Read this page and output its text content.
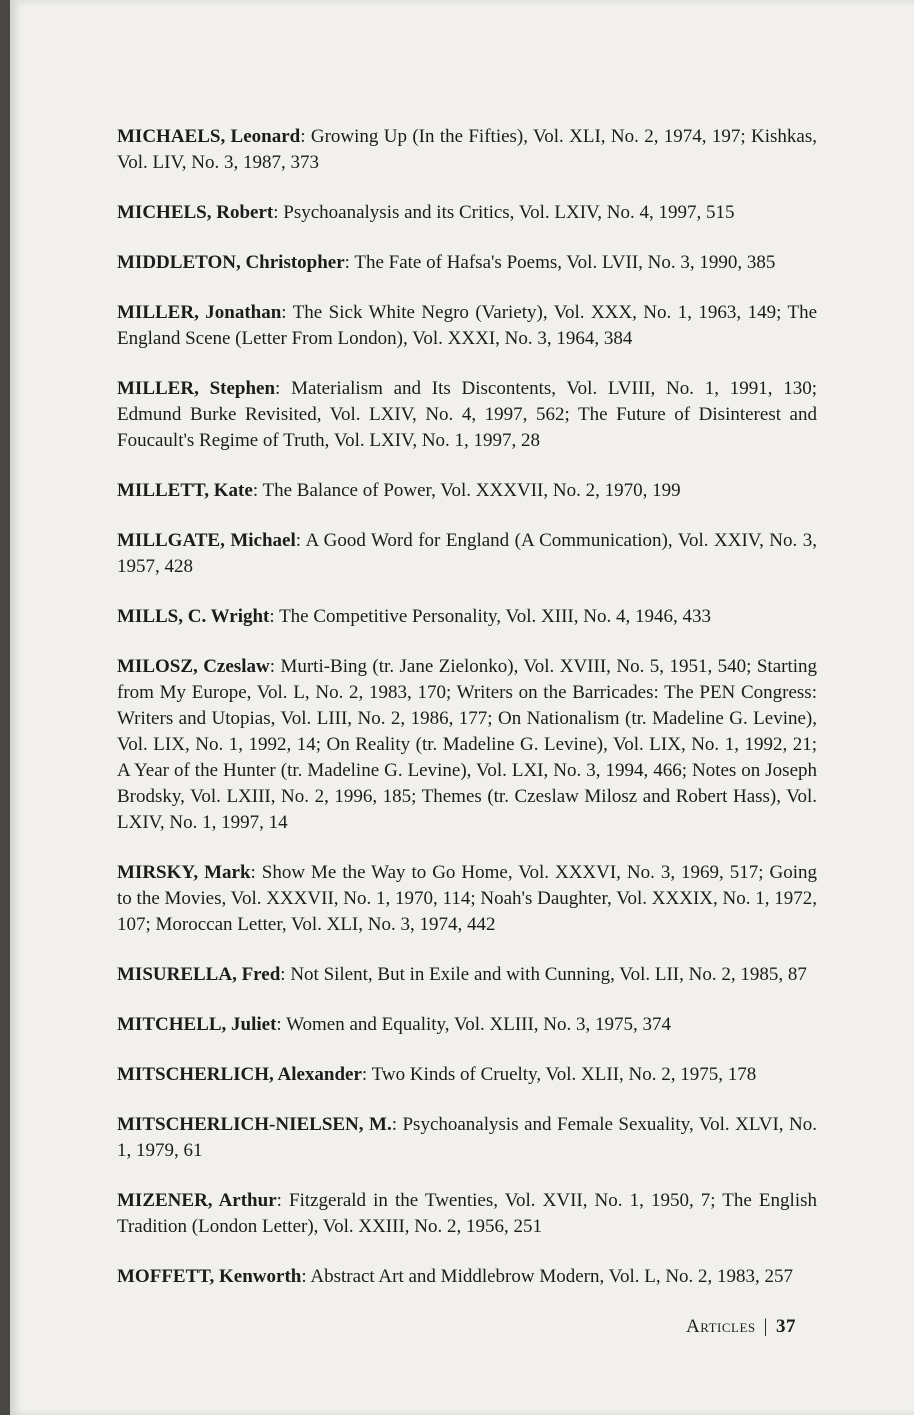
MICHAELS, Leonard: Growing Up (In the Fifties), Vol. XLI, No. 2, 1974, 197; Kishkas, Vol. LIV, No. 3, 1987, 373

MICHELS, Robert: Psychoanalysis and its Critics, Vol. LXIV, No. 4, 1997, 515

MIDDLETON, Christopher: The Fate of Hafsa's Poems, Vol. LVII, No. 3, 1990, 385

MILLER, Jonathan: The Sick White Negro (Variety), Vol. XXX, No. 1, 1963, 149; The England Scene (Letter From London), Vol. XXXI, No. 3, 1964, 384

MILLER, Stephen: Materialism and Its Discontents, Vol. LVIII, No. 1, 1991, 130; Edmund Burke Revisited, Vol. LXIV, No. 4, 1997, 562; The Future of Disinterest and Foucault's Regime of Truth, Vol. LXIV, No. 1, 1997, 28

MILLETT, Kate: The Balance of Power, Vol. XXXVII, No. 2, 1970, 199

MILLGATE, Michael: A Good Word for England (A Communication), Vol. XXIV, No. 3, 1957, 428

MILLS, C. Wright: The Competitive Personality, Vol. XIII, No. 4, 1946, 433

MILOSZ, Czeslaw: Murti-Bing (tr. Jane Zielonko), Vol. XVIII, No. 5, 1951, 540; Starting from My Europe, Vol. L, No. 2, 1983, 170; Writers on the Barricades: The PEN Congress: Writers and Utopias, Vol. LIII, No. 2, 1986, 177; On Nationalism (tr. Madeline G. Levine), Vol. LIX, No. 1, 1992, 14; On Reality (tr. Madeline G. Levine), Vol. LIX, No. 1, 1992, 21; A Year of the Hunter (tr. Madeline G. Levine), Vol. LXI, No. 3, 1994, 466; Notes on Joseph Brodsky, Vol. LXIII, No. 2, 1996, 185; Themes (tr. Czeslaw Milosz and Robert Hass), Vol. LXIV, No. 1, 1997, 14

MIRSKY, Mark: Show Me the Way to Go Home, Vol. XXXVI, No. 3, 1969, 517; Going to the Movies, Vol. XXXVII, No. 1, 1970, 114; Noah's Daughter, Vol. XXXIX, No. 1, 1972, 107; Moroccan Letter, Vol. XLI, No. 3, 1974, 442

MISURELLA, Fred: Not Silent, But in Exile and with Cunning, Vol. LII, No. 2, 1985, 87

MITCHELL, Juliet: Women and Equality, Vol. XLIII, No. 3, 1975, 374

MITSCHERLICH, Alexander: Two Kinds of Cruelty, Vol. XLII, No. 2, 1975, 178

MITSCHERLICH-NIELSEN, M.: Psychoanalysis and Female Sexuality, Vol. XLVI, No. 1, 1979, 61

MIZENER, Arthur: Fitzgerald in the Twenties, Vol. XVII, No. 1, 1950, 7; The English Tradition (London Letter), Vol. XXIII, No. 2, 1956, 251

MOFFETT, Kenworth: Abstract Art and Middlebrow Modern, Vol. L, No. 2, 1983, 257

Articles | 37
